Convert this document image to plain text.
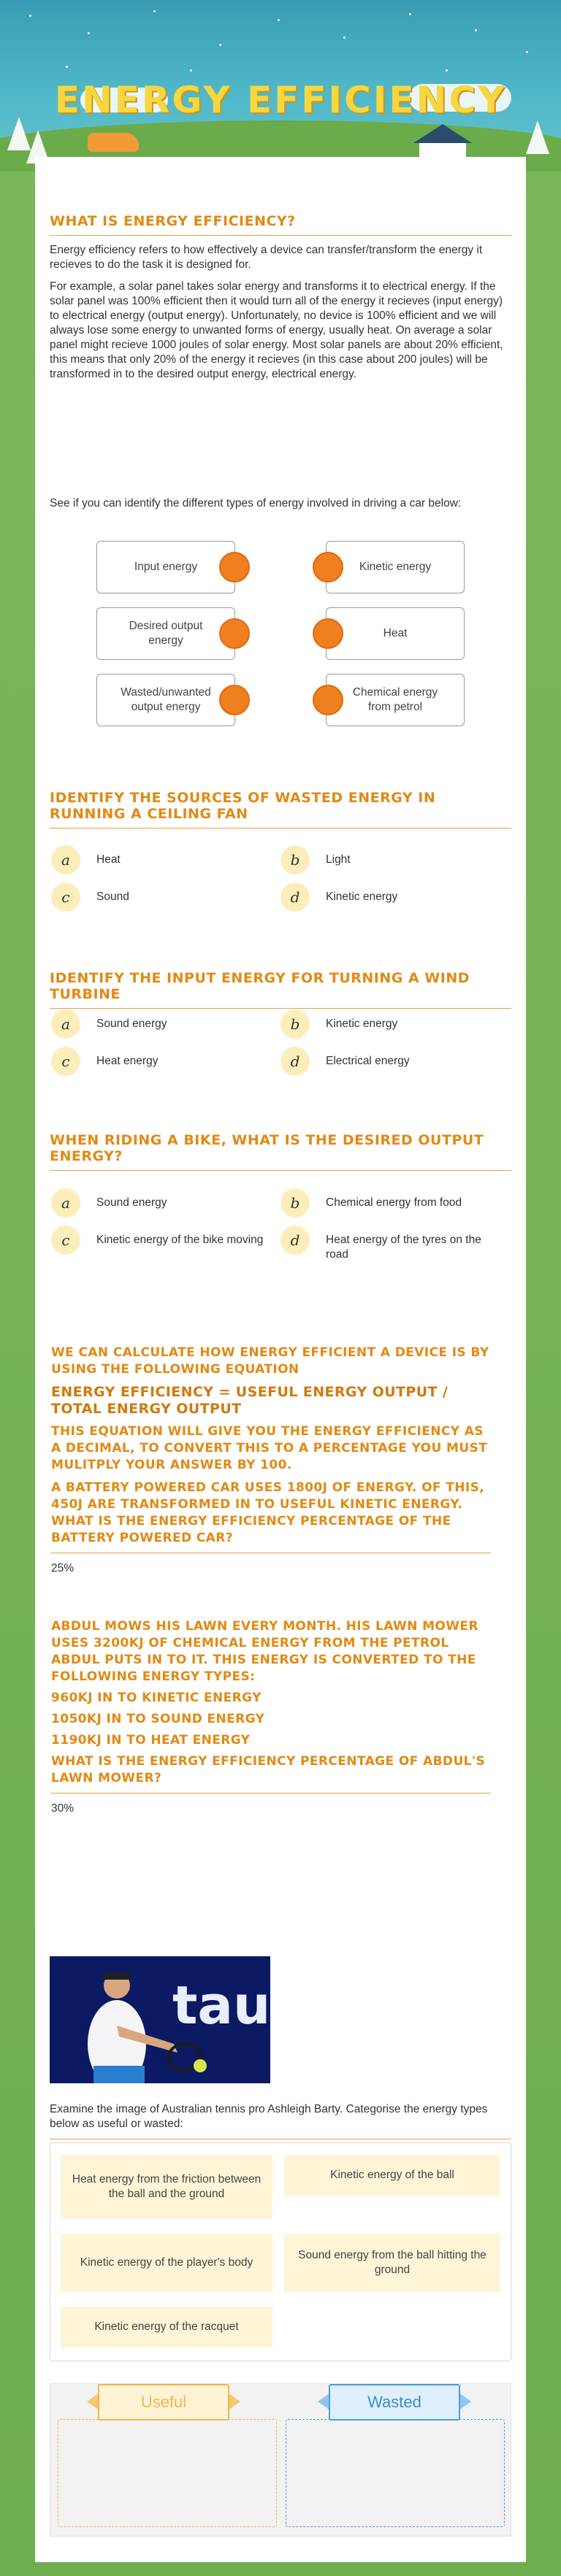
ENERGY EFFICIENCY
WHAT IS ENERGY EFFICIENCY?
Energy efficiency refers to how effectively a device can transfer/transform the energy it recieves to do the task it is designed for.
For example, a solar panel takes solar energy and transforms it to electrical energy. If the solar panel was 100% efficient then it would turn all of the energy it recieves (input energy) to electrical energy (output energy). Unfortunately, no device is 100% efficient and we will always lose some energy to unwanted forms of energy, usually heat. On average a solar panel might recieve 1000 joules of solar energy. Most solar panels are about 20% efficient, this means that only 20% of the energy it recieves (in this case about 200 joules) will be transformed in to the desired output energy, electrical energy.
See if you can identify the different types of energy involved in driving a car below:
Input energy
Desired output energy
Wasted/unwanted output energy
Kinetic energy
Heat
Chemical energy from petrol
IDENTIFY THE SOURCES OF WASTED ENERGY IN RUNNING A CEILING FAN
a	Heat	b	Light
c	Sound	d	Kinetic energy
IDENTIFY THE INPUT ENERGY FOR TURNING A WIND TURBINE
a	Sound energy	b	Kinetic energy
c	Heat energy	d	Electrical energy
WHEN RIDING A BIKE, WHAT IS THE DESIRED OUTPUT ENERGY?
a	Sound energy	b	Chemical energy from food
c	Kinetic energy of the bike moving	d	Heat energy of the tyres on the road
WE CAN CALCULATE HOW ENERGY EFFICIENT A DEVICE IS BY USING THE FOLLOWING EQUATION
ENERGY EFFICIENCY = USEFUL ENERGY OUTPUT / TOTAL ENERGY OUTPUT
THIS EQUATION WILL GIVE YOU THE ENERGY EFFICIENCY AS A DECIMAL, TO CONVERT THIS TO A PERCENTAGE YOU MUST MULITPLY YOUR ANSWER BY 100.
A BATTERY POWERED CAR USES 1800J OF ENERGY. OF THIS, 450J ARE TRANSFORMED IN TO USEFUL KINETIC ENERGY. WHAT IS THE ENERGY EFFICIENCY PERCENTAGE OF THE BATTERY POWERED CAR?
25%
ABDUL MOWS HIS LAWN EVERY MONTH. HIS LAWN MOWER USES 3200KJ OF CHEMICAL ENERGY FROM THE PETROL ABDUL PUTS IN TO IT. THIS ENERGY IS CONVERTED TO THE FOLLOWING ENERGY TYPES:
960KJ IN TO KINETIC ENERGY
1050KJ IN TO SOUND ENERGY
1190KJ IN TO HEAT ENERGY
WHAT IS THE ENERGY EFFICIENCY PERCENTAGE OF ABDUL'S LAWN MOWER?
30%
tau
Examine the image of Australian tennis pro Ashleigh Barty. Categorise the energy types below as useful or wasted:
Heat energy from the friction between the ball and the ground
Kinetic energy of the ball
Kinetic energy of the player's body
Sound energy from the ball hitting the ground
Kinetic energy of the racquet
Useful	Wasted
